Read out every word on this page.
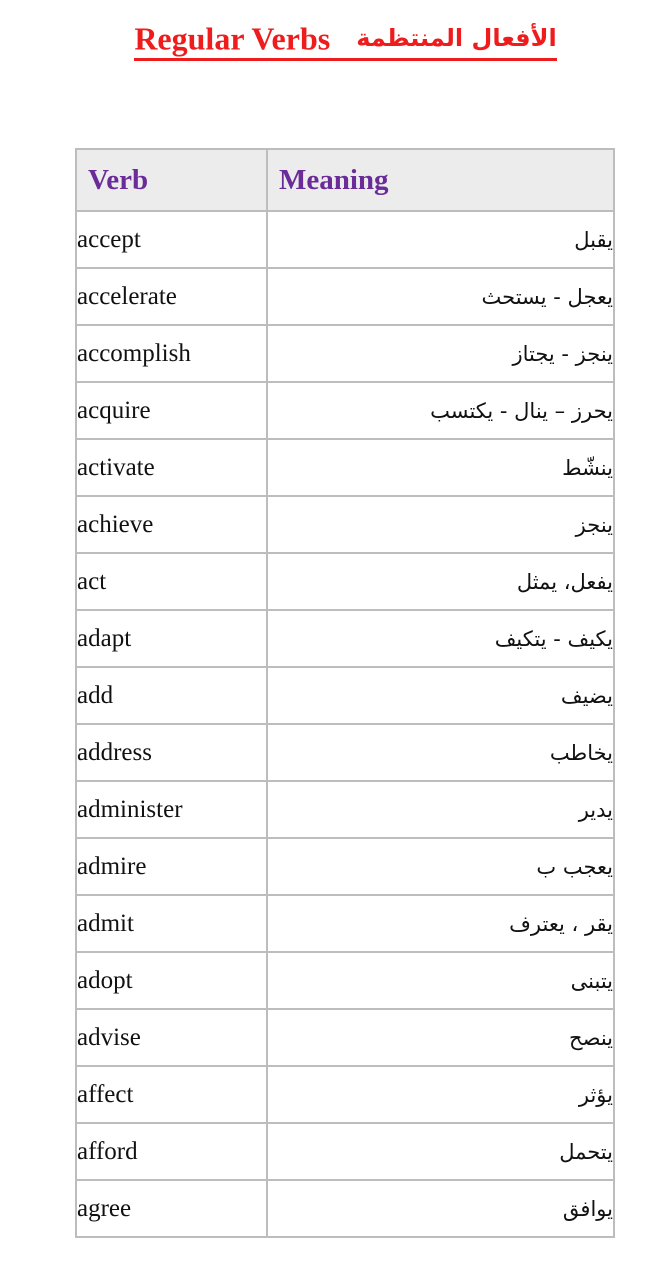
Regular Verbs الأفعال المنتظمة
Verb	Meaning
accept	يقبل
accelerate	يعجل - يستحث
accomplish	ينجز - يجتاز
acquire	يحرز – ينال - يكتسب
activate	ينشّط
achieve	ينجز
act	يفعل، يمثل
adapt	يكيف - يتكيف
add	يضيف
address	يخاطب
administer	يدير
admire	يعجب ب
admit	يقر ، يعترف
adopt	يتبنى
advise	ينصح
affect	يؤثر
afford	يتحمل
agree	يوافق
